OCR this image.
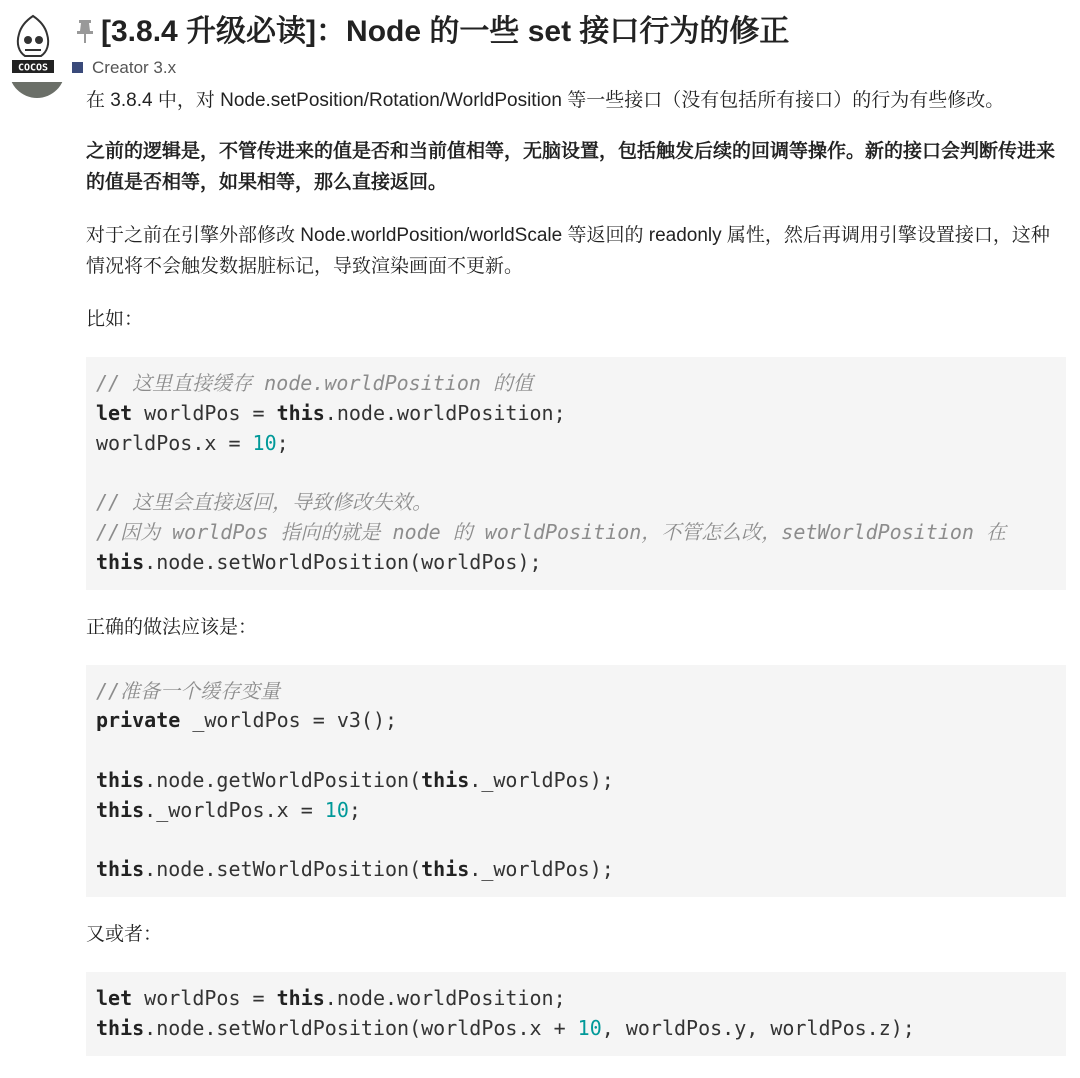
COCOS
[3.8.4 升级必读]：Node 的一些 set 接口行为的修正
Creator 3.x

在 3.8.4 中，对 Node.setPosition/Rotation/WorldPosition 等一些接口（没有包括所有接口）的行为有些修改。

之前的逻辑是，不管传进来的值是否和当前值相等，无脑设置，包括触发后续的回调等操作。新的接口会判断传进来的值是否相等，如果相等，那么直接返回。

对于之前在引擎外部修改 Node.worldPosition/worldScale 等返回的 readonly 属性，然后再调用引擎设置接口，这种情况将不会触发数据脏标记，导致渲染画面不更新。

比如：

// 这里直接缓存 node.worldPosition 的值
let worldPos = this.node.worldPosition;
worldPos.x = 10;
// 这里会直接返回，导致修改失效。
//因为 worldPos 指向的就是 node 的 worldPosition，不管怎么改，setWorldPosition 在
this.node.setWorldPosition(worldPos);

正确的做法应该是：

//准备一个缓存变量
private _worldPos = v3();
this.node.getWorldPosition(this._worldPos);
this._worldPos.x = 10;
this.node.setWorldPosition(this._worldPos);

又或者：

let worldPos = this.node.worldPosition;
this.node.setWorldPosition(worldPos.x + 10, worldPos.y, worldPos.z);
